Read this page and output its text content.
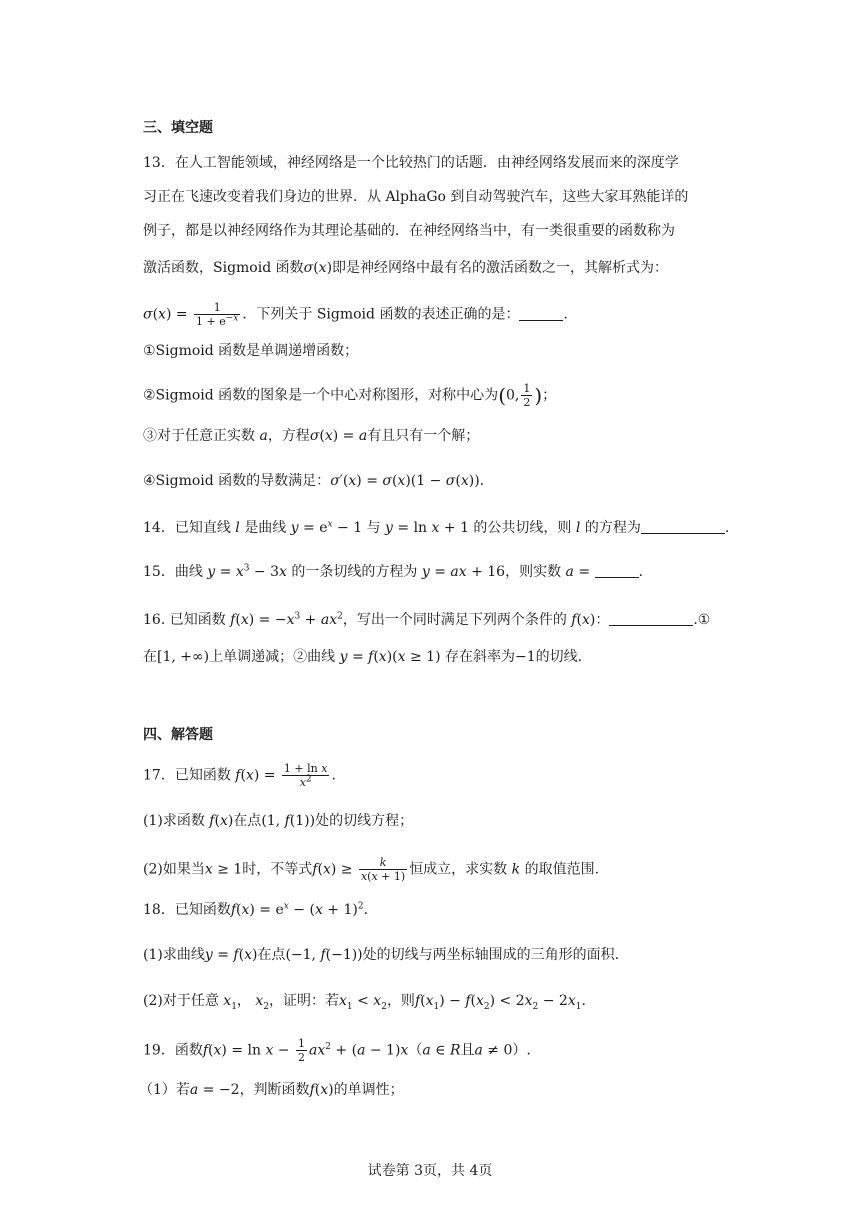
三、填空题
13．在人工智能领域，神经网络是一个比较热门的话题．由神经网络发展而来的深度学
习正在飞速改变着我们身边的世界．从 AlphaGo 到自动驾驶汽车，这些大家耳熟能详的
例子，都是以神经网络作为其理论基础的．在神经网络当中，有一类很重要的函数称为
激活函数，Sigmoid 函数σ(x)即是神经网络中最有名的激活函数之一，其解析式为：
$\sigma(x) = \frac{1}{1 + e^{-x}}$ ．下列关于 Sigmoid 函数的表述正确的是：	.
①Sigmoid 函数是单调递增函数；
②Sigmoid 函数的图象是一个中心对称图形，对称中心为(0, $\frac{1}{2}$ )；
③对于任意正实数 a，方程σ(x) = a有且只有一个解；
④Sigmoid 函数的导数满足：σ′(x) = σ(x)(1 − σ(x)).
14．已知直线 l 是曲线 $y = e^x - 1$ 与 y = ln x + 1 的公共切线，则 l 的方程为	.
15．曲线 $y = x^3 - 3x$ 的一条切线的方程为 y = ax + 16，则实数 a =	.
16. 已知函数 $f(x) = -x^3 + ax^2$，写出一个同时满足下列两个条件的 f(x)：	.①
在[1, +∞)上单调递减；②曲线 y = f(x)(x ≥ 1) 存在斜率为−1的切线.
四、解答题
17．已知函数 $f(x) = \frac{\text{1 + ln x}}{x^2}$ .
(1)求函数 f(x)在点(1, f(1))处的切线方程；
(2)如果当x ≥ 1时，不等式$f(x) \ge \frac{k}{x(x + 1)}$ 恒成立，求实数 k 的取值范围.
18．已知函数$f(x) = e^x - (x + 1)^2$.
(1)求曲线y = f(x)在点(−1, f(−1))处的切线与两坐标轴围成的三角形的面积.
(2)对于任意 $x_1$， $x_2$，证明：若$x_1 < x_2$，则$f(x_1) - f(x_2) < 2x_2 - 2x_1$.
19．函数$f(x) = \ln x - \frac{1}{2} ax^2 + (a - 1)x(a$ ∈ R且a ≠ 0）.
（1）若a = −2，判断函数f(x)的单调性；
试卷第 3页，共 4页
